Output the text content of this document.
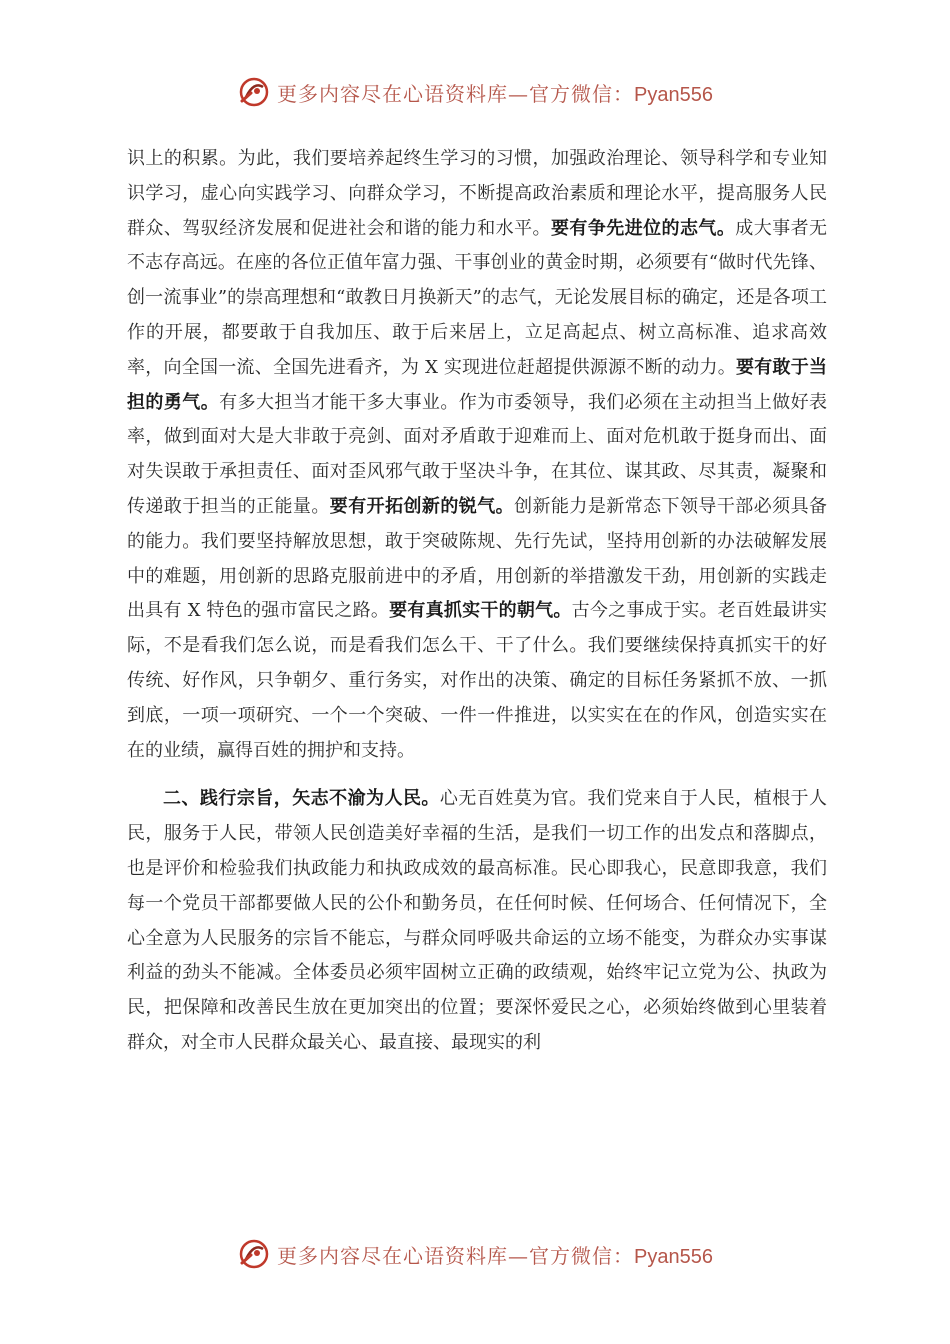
更多内容尽在心语资料库—官方微信：Pyan556

识上的积累。为此，我们要培养起终生学习的习惯，加强政治理论、领导科学和专业知识学习，虚心向实践学习、向群众学习，不断提高政治素质和理论水平，提高服务人民群众、驾驭经济发展和促进社会和谐的能力和水平。要有争先进位的志气。成大事者无不志存高远。在座的各位正值年富力强、干事创业的黄金时期，必须要有“做时代先锋、创一流事业”的崇高理想和“敢教日月换新天”的志气，无论发展目标的确定，还是各项工作的开展，都要敢于自我加压、敢于后来居上，立足高起点、树立高标准、追求高效率，向全国一流、全国先进看齐，为 X 实现进位赶超提供源源不断的动力。要有敢于当担的勇气。有多大担当才能干多大事业。作为市委领导，我们必须在主动担当上做好表率，做到面对大是大非敢于亮剑、面对矛盾敢于迎难而上、面对危机敢于挺身而出、面对失误敢于承担责任、面对歪风邪气敢于坚决斗争，在其位、谋其政、尽其责，凝聚和传递敢于担当的正能量。要有开拓创新的锐气。创新能力是新常态下领导干部必须具备的能力。我们要坚持解放思想，敢于突破陈规、先行先试，坚持用创新的办法破解发展中的难题，用创新的思路克服前进中的矛盾，用创新的举措激发干劲，用创新的实践走出具有 X 特色的强市富民之路。要有真抓实干的朝气。古今之事成于实。老百姓最讲实际，不是看我们怎么说，而是看我们怎么干、干了什么。我们要继续保持真抓实干的好传统、好作风，只争朝夕、重行务实，对作出的决策、确定的目标任务紧抓不放、一抓到底，一项一项研究、一个一个突破、一件一件推进，以实实在在的作风，创造实实在在的业绩，赢得百姓的拥护和支持。

二、践行宗旨，矢志不渝为人民。心无百姓莫为官。我们党来自于人民，植根于人民，服务于人民，带领人民创造美好幸福的生活，是我们一切工作的出发点和落脚点，也是评价和检验我们执政能力和执政成效的最高标准。民心即我心，民意即我意，我们每一个党员干部都要做人民的公仆和勤务员，在任何时候、任何场合、任何情况下，全心全意为人民服务的宗旨不能忘，与群众同呼吸共命运的立场不能变，为群众办实事谋利益的劲头不能减。全体委员必须牢固树立正确的政绩观，始终牢记立党为公、执政为民，把保障和改善民生放在更加突出的位置；要深怀爱民之心，必须始终做到心里装着群众，对全市人民群众最关心、最直接、最现实的利

更多内容尽在心语资料库—官方微信：Pyan556
